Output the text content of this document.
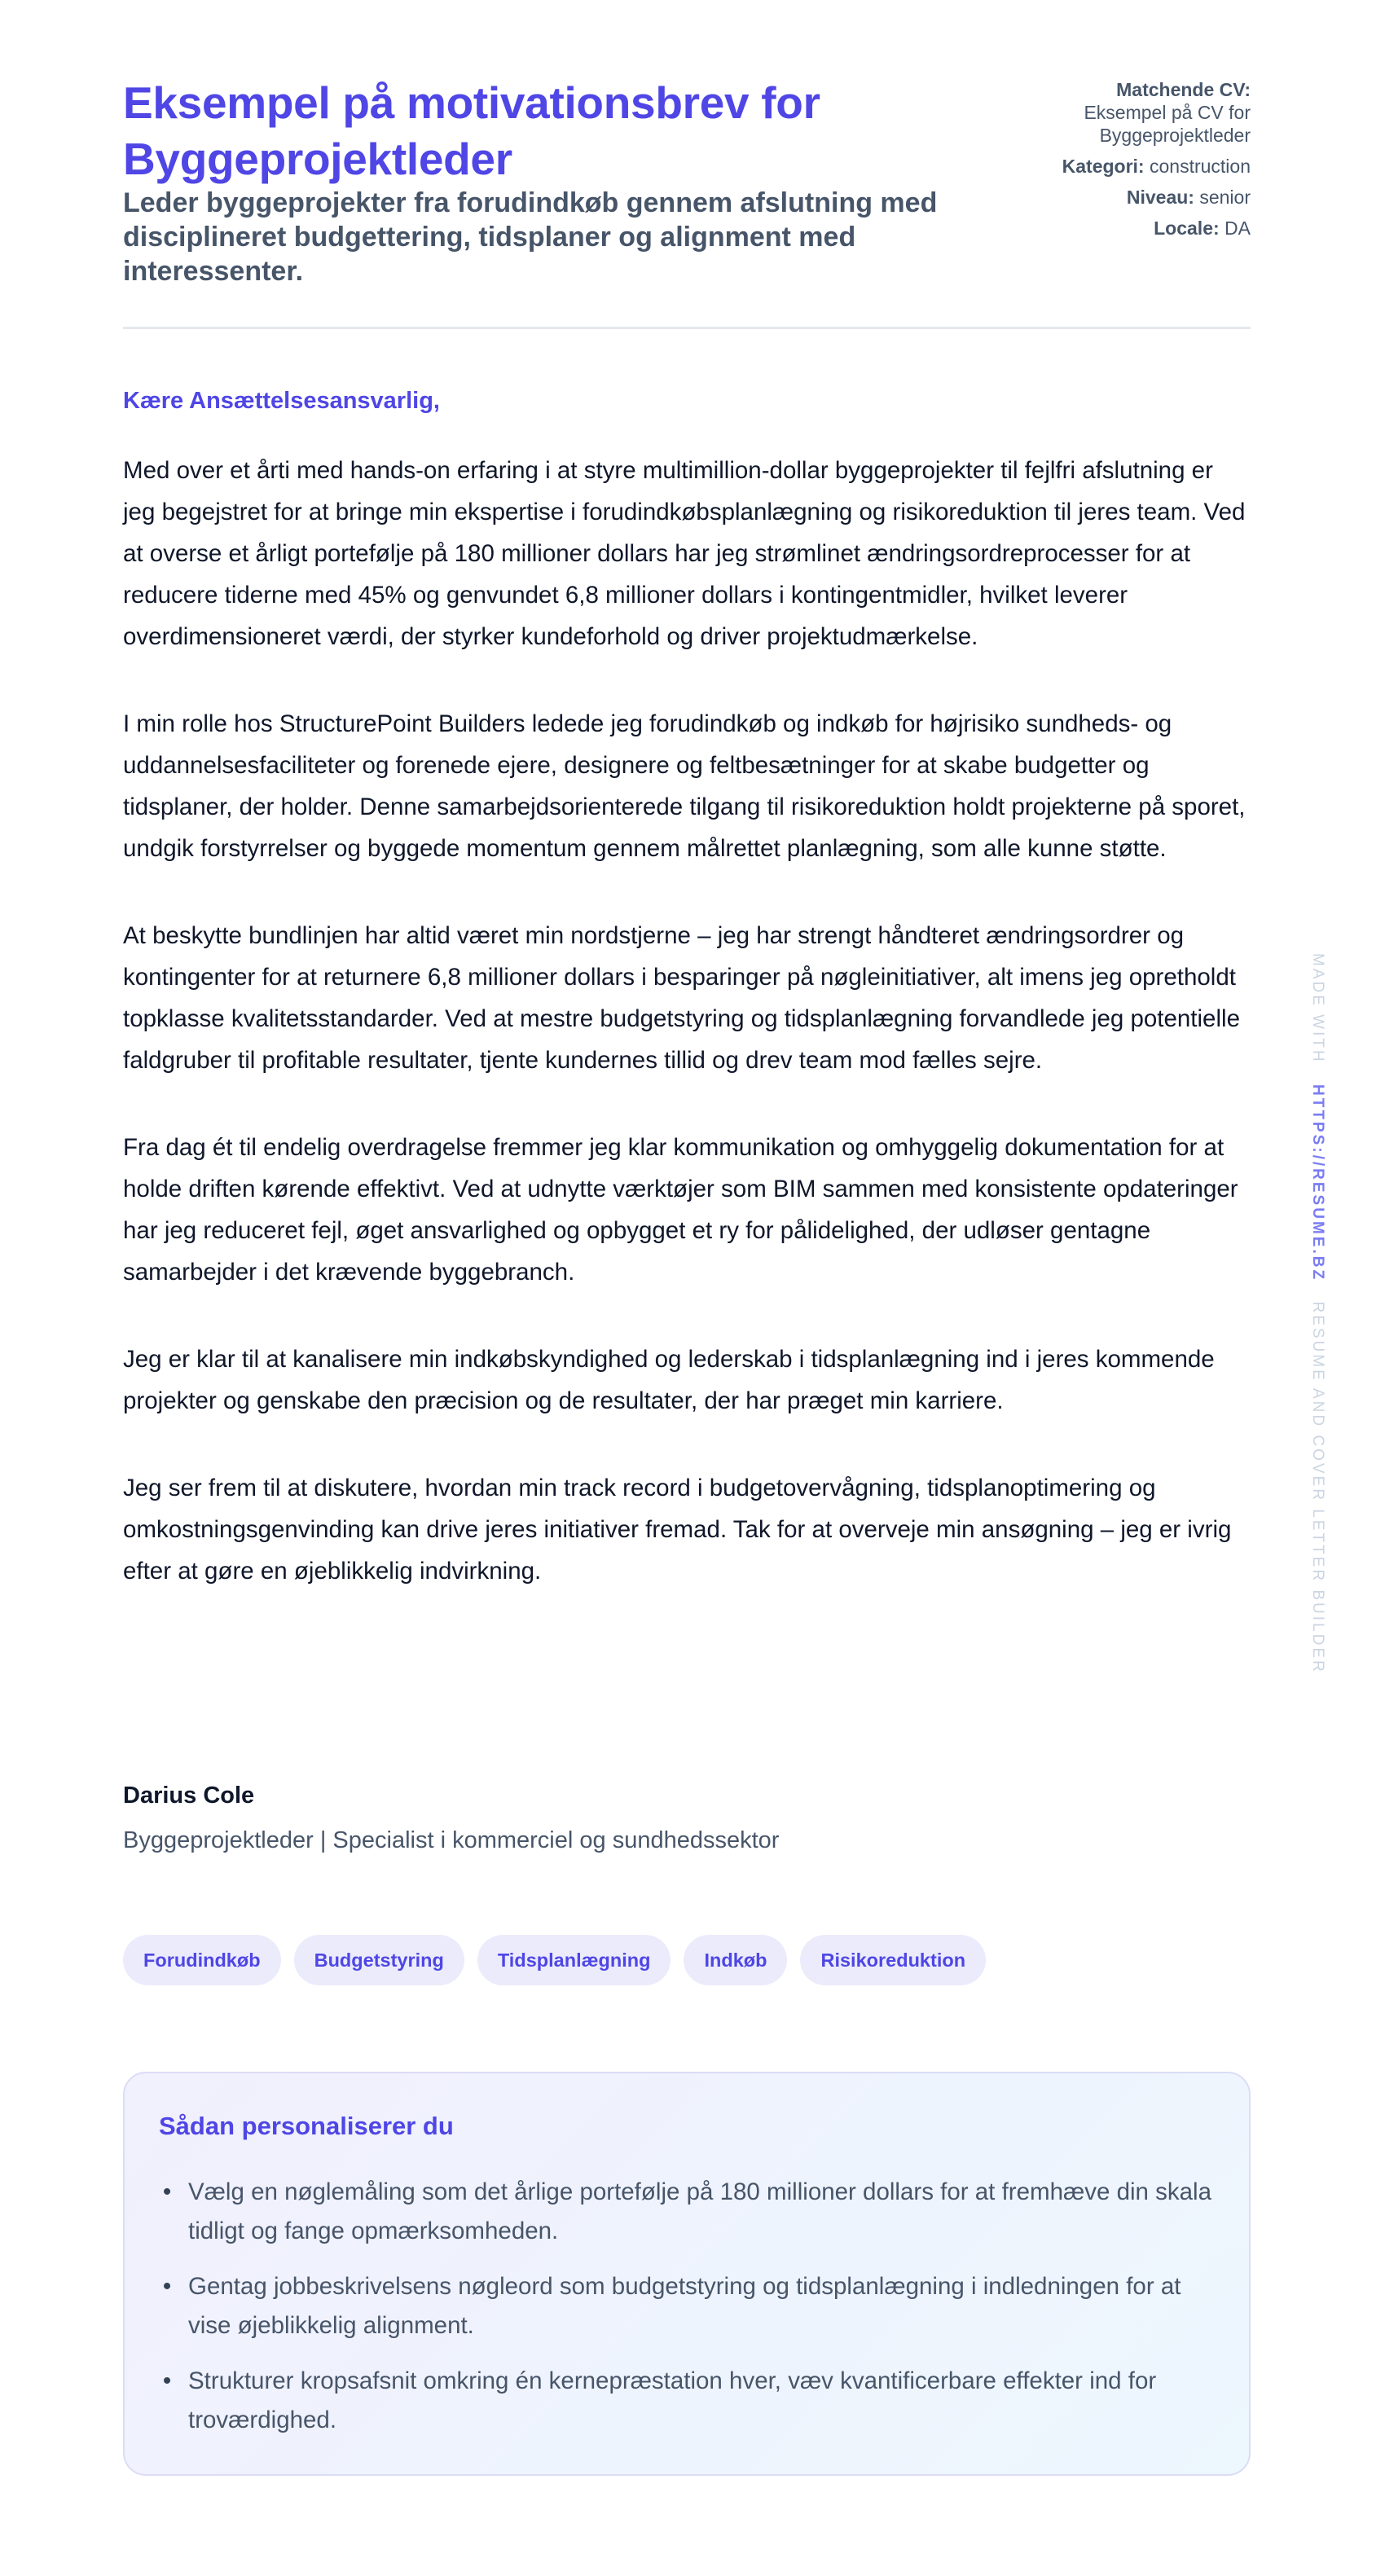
Eksempel på motivationsbrev for Byggeprojektleder
Leder byggeprojekter fra forudindkøb gennem afslutning med disciplineret budgettering, tidsplaner og alignment med interessenter.
Matchende CV:
Eksempel på CV for Byggeprojektleder
Kategori: construction
Niveau: senior
Locale: DA

Kære Ansættelsesansvarlig,

Med over et årti med hands-on erfaring i at styre multimillion-dollar byggeprojekter til fejlfri afslutning er jeg begejstret for at bringe min ekspertise i forudindkøbsplanlægning og risikoreduktion til jeres team. Ved at overse et årligt portefølje på 180 millioner dollars har jeg strømlinet ændringsordreprocesser for at reducere tiderne med 45% og genvundet 6,8 millioner dollars i kontingentmidler, hvilket leverer overdimensioneret værdi, der styrker kundeforhold og driver projektudmærkelse.

I min rolle hos StructurePoint Builders ledede jeg forudindkøb og indkøb for højrisiko sundheds- og uddannelsesfaciliteter og forenede ejere, designere og feltbesætninger for at skabe budgetter og tidsplaner, der holder. Denne samarbejdsorienterede tilgang til risikoreduktion holdt projekterne på sporet, undgik forstyrrelser og byggede momentum gennem målrettet planlægning, som alle kunne støtte.

At beskytte bundlinjen har altid været min nordstjerne – jeg har strengt håndteret ændringsordrer og kontingenter for at returnere 6,8 millioner dollars i besparinger på nøgleinitiativer, alt imens jeg opretholdt topklasse kvalitetsstandarder. Ved at mestre budgetstyring og tidsplanlægning forvandlede jeg potentielle faldgruber til profitable resultater, tjente kundernes tillid og drev team mod fælles sejre.

Fra dag ét til endelig overdragelse fremmer jeg klar kommunikation og omhyggelig dokumentation for at holde driften kørende effektivt. Ved at udnytte værktøjer som BIM sammen med konsistente opdateringer har jeg reduceret fejl, øget ansvarlighed og opbygget et ry for pålidelighed, der udløser gentagne samarbejder i det krævende byggebranch.

Jeg er klar til at kanalisere min indkøbskyndighed og lederskab i tidsplanlægning ind i jeres kommende projekter og genskabe den præcision og de resultater, der har præget min karriere.

Jeg ser frem til at diskutere, hvordan min track record i budgetovervågning, tidsplanoptimering og omkostningsgenvinding kan drive jeres initiativer fremad. Tak for at overveje min ansøgning – jeg er ivrig efter at gøre en øjeblikkelig indvirkning.

Darius Cole

Byggeprojektleder | Specialist i kommerciel og sundhedssektor

Forudindkøb	Budgetstyring	Tidsplanlægning	Indkøb	Risikoreduktion
Sådan personaliserer du
• Vælg en nøglemåling som det årlige portefølje på 180 millioner dollars for at fremhæve din skala tidligt og fange opmærksomheden.
• Gentag jobbeskrivelsens nøgleord som budgetstyring og tidsplanlægning i indledningen for at vise øjeblikkelig alignment.
• Strukturer kropsafsnit omkring én kernepræstation hver, væv kvantificerbare effekter ind for troværdighed.
MADE WITH   HTTPS://RESUME.BZ   RESUME AND COVER LETTER BUILDER
